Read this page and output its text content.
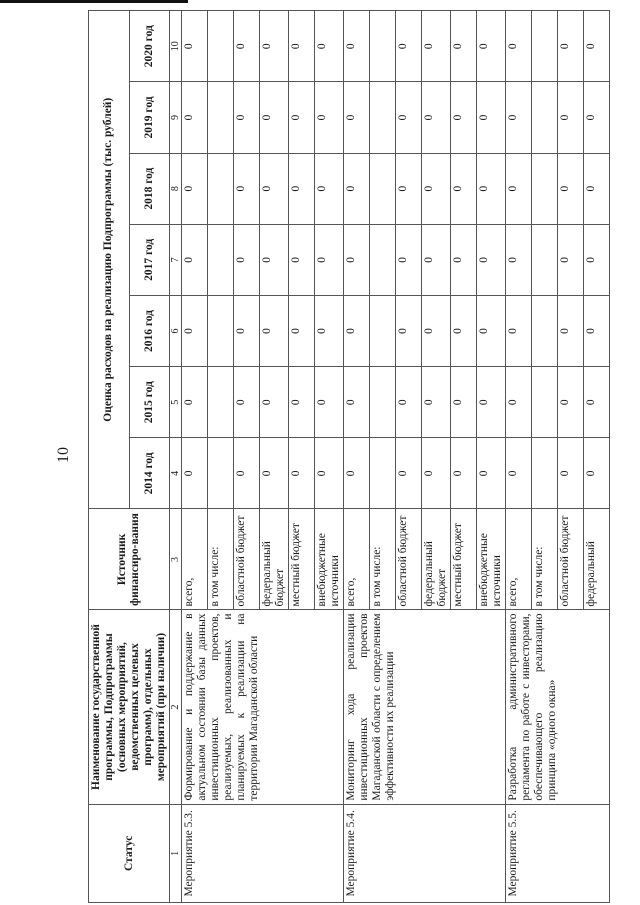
10
Статус	Наименование государственной программы, Подпрограммы (основных мероприятий, ведомственных целевых программ), отдельных мероприятий (при наличии)	Источник финансиро-вания	Оценка расходов на реализацию Подпрограммы (тыс. рублей)						
			2014 год	2015 год	2016 год	2017 год	2018 год	2019 год	2020 год
1	2	3	4	5	6	7	8	9	10
Мероприятие 5.3.	Формирование и поддержание в актуальном состоянии базы данных инвестиционных проектов, реализуемых, реализованных и планируемых к реализации на территории Магаданской области	всего,	0	0	0	0	0	0	0
		в том числе:							
		областной бюджет	0	0	0	0	0	0	0
		федеральный бюджет	0	0	0	0	0	0	0
		местный бюджет	0	0	0	0	0	0	0
		внебюджетные источники	0	0	0	0	0	0	0
Мероприятие 5.4.	Мониторинг хода реализации инвестиционных проектов Магаданской области с определением эффективности их реализации	всего,	0	0	0	0	0	0	0
		в том числе:							
		областной бюджет	0	0	0	0	0	0	0
		федеральный бюджет	0	0	0	0	0	0	0
		местный бюджет	0	0	0	0	0	0	0
		внебюджетные источники	0	0	0	0	0	0	0
Мероприятие 5.5.	Разработка административного регламента по работе с инвесторами, обеспечивающего реализацию принципа «одного окна»	всего,	0	0	0	0	0	0	0
		в том числе:							
		областной бюджет	0	0	0	0	0	0	0
		федеральный	0	0	0	0	0	0	0
